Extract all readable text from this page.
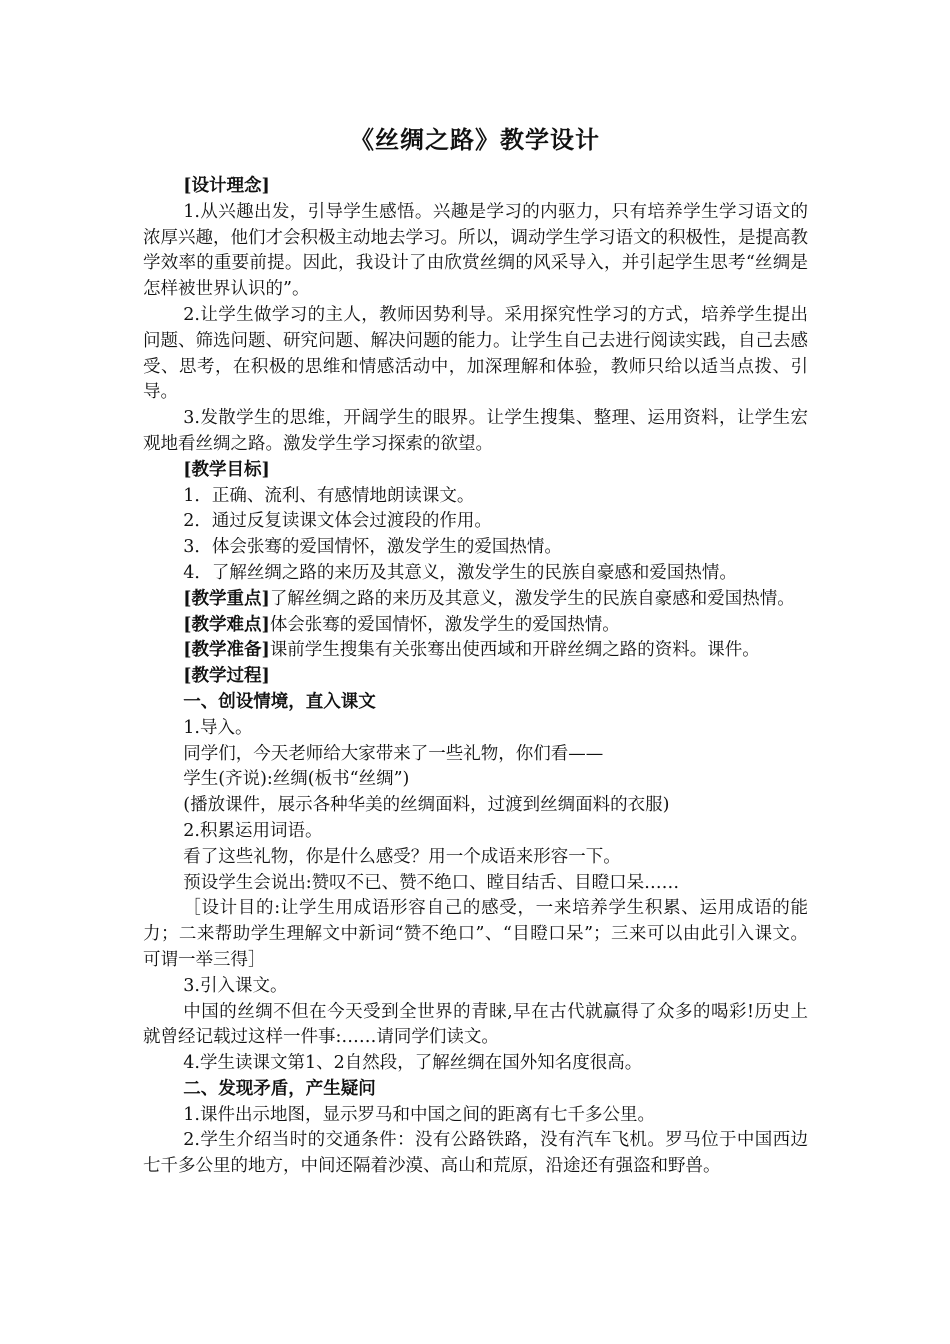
《丝绸之路》教学设计

[设计理念]

1.从兴趣出发，引导学生感悟。兴趣是学习的内驱力，只有培养学生学习语文的浓厚兴趣，他们才会积极主动地去学习。所以，调动学生学习语文的积极性，是提高教学效率的重要前提。因此，我设计了由欣赏丝绸的风采导入，并引起学生思考“丝绸是怎样被世界认识的”。

2.让学生做学习的主人，教师因势利导。采用探究性学习的方式，培养学生提出问题、筛选问题、研究问题、解决问题的能力。让学生自己去进行阅读实践，自己去感受、思考，在积极的思维和情感活动中，加深理解和体验，教师只给以适当点拨、引导。

3.发散学生的思维，开阔学生的眼界。让学生搜集、整理、运用资料，让学生宏观地看丝绸之路。激发学生学习探索的欲望。

[教学目标]

1．正确、流利、有感情地朗读课文。

2．通过反复读课文体会过渡段的作用。

3．体会张骞的爱国情怀，激发学生的爱国热情。

4．了解丝绸之路的来历及其意义，激发学生的民族自豪感和爱国热情。

[教学重点]了解丝绸之路的来历及其意义，激发学生的民族自豪感和爱国热情。

[教学难点]体会张骞的爱国情怀，激发学生的爱国热情。

[教学准备]课前学生搜集有关张骞出使西域和开辟丝绸之路的资料。课件。

[教学过程]

一、创设情境，直入课文

1.导入。

同学们，今天老师给大家带来了一些礼物，你们看——

学生(齐说):丝绸(板书“丝绸”)

(播放课件，展示各种华美的丝绸面料，过渡到丝绸面料的衣服)

2.积累运用词语。

看了这些礼物，你是什么感受？用一个成语来形容一下。

预设学生会说出:赞叹不已、赞不绝口、瞠目结舌、目瞪口呆……

［设计目的:让学生用成语形容自己的感受，一来培养学生积累、运用成语的能力；二来帮助学生理解文中新词“赞不绝口”、“目瞪口呆”；三来可以由此引入课文。可谓一举三得］

3.引入课文。

中国的丝绸不但在今天受到全世界的青睐,早在古代就赢得了众多的喝彩!历史上就曾经记载过这样一件事:……请同学们读文。

4.学生读课文第1、2自然段，了解丝绸在国外知名度很高。

二、发现矛盾，产生疑问

1.课件出示地图，显示罗马和中国之间的距离有七千多公里。

2.学生介绍当时的交通条件：没有公路铁路，没有汽车飞机。罗马位于中国西边七千多公里的地方，中间还隔着沙漠、高山和荒原，沿途还有强盗和野兽。
